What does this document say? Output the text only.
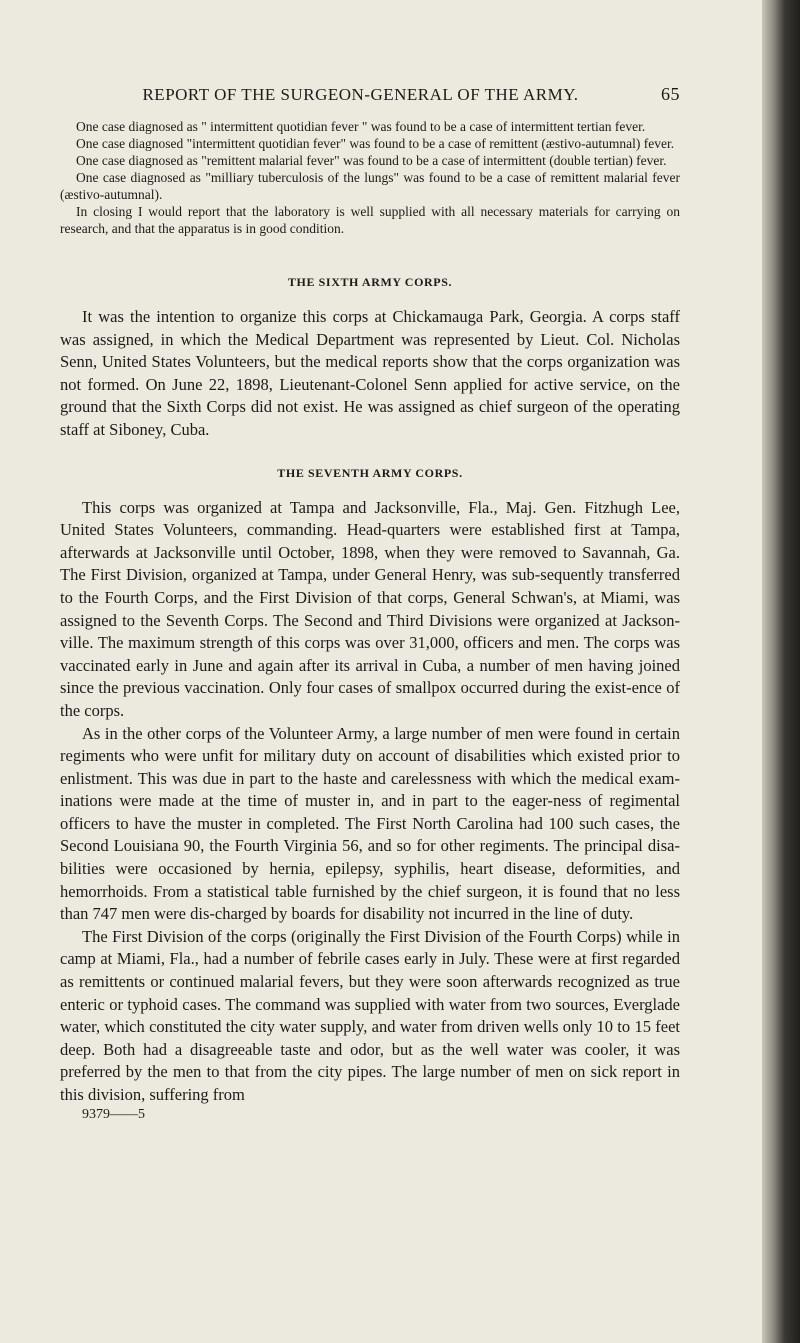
REPORT OF THE SURGEON-GENERAL OF THE ARMY.	65

One case diagnosed as " intermittent quotidian fever " was found to be a case of intermittent tertian fever.

One case diagnosed "intermittent quotidian fever" was found to be a case of remittent (æstivo-autumnal) fever.

One case diagnosed as "remittent malarial fever" was found to be a case of intermittent (double tertian) fever.

One case diagnosed as "milliary tuberculosis of the lungs" was found to be a case of remittent malarial fever (æstivo-autumnal).

In closing I would report that the laboratory is well supplied with all necessary materials for carrying on research, and that the apparatus is in good condition.

THE SIXTH ARMY CORPS.

It was the intention to organize this corps at Chickamauga Park, Georgia. A corps staff was assigned, in which the Medical Department was represented by Lieut. Col. Nicholas Senn, United States Volunteers, but the medical reports show that the corps organization was not formed. On June 22, 1898, Lieutenant-Colonel Senn applied for active service, on the ground that the Sixth Corps did not exist. He was assigned as chief surgeon of the operating staff at Siboney, Cuba.

THE SEVENTH ARMY CORPS.

This corps was organized at Tampa and Jacksonville, Fla., Maj. Gen. Fitzhugh Lee, United States Volunteers, commanding. Head-quarters were established first at Tampa, afterwards at Jacksonville until October, 1898, when they were removed to Savannah, Ga. The First Division, organized at Tampa, under General Henry, was sub-sequently transferred to the Fourth Corps, and the First Division of that corps, General Schwan's, at Miami, was assigned to the Seventh Corps. The Second and Third Divisions were organized at Jackson-ville. The maximum strength of this corps was over 31,000, officers and men. The corps was vaccinated early in June and again after its arrival in Cuba, a number of men having joined since the previous vaccination. Only four cases of smallpox occurred during the exist-ence of the corps.

As in the other corps of the Volunteer Army, a large number of men were found in certain regiments who were unfit for military duty on account of disabilities which existed prior to enlistment. This was due in part to the haste and carelessness with which the medical exam-inations were made at the time of muster in, and in part to the eager-ness of regimental officers to have the muster in completed. The First North Carolina had 100 such cases, the Second Louisiana 90, the Fourth Virginia 56, and so for other regiments. The principal disa-bilities were occasioned by hernia, epilepsy, syphilis, heart disease, deformities, and hemorrhoids. From a statistical table furnished by the chief surgeon, it is found that no less than 747 men were dis-charged by boards for disability not incurred in the line of duty.

The First Division of the corps (originally the First Division of the Fourth Corps) while in camp at Miami, Fla., had a number of febrile cases early in July. These were at first regarded as remittents or continued malarial fevers, but they were soon afterwards recognized as true enteric or typhoid cases. The command was supplied with water from two sources, Everglade water, which constituted the city water supply, and water from driven wells only 10 to 15 feet deep. Both had a disagreeable taste and odor, but as the well water was cooler, it was preferred by the men to that from the city pipes. The large number of men on sick report in this division, suffering from

9379——5
